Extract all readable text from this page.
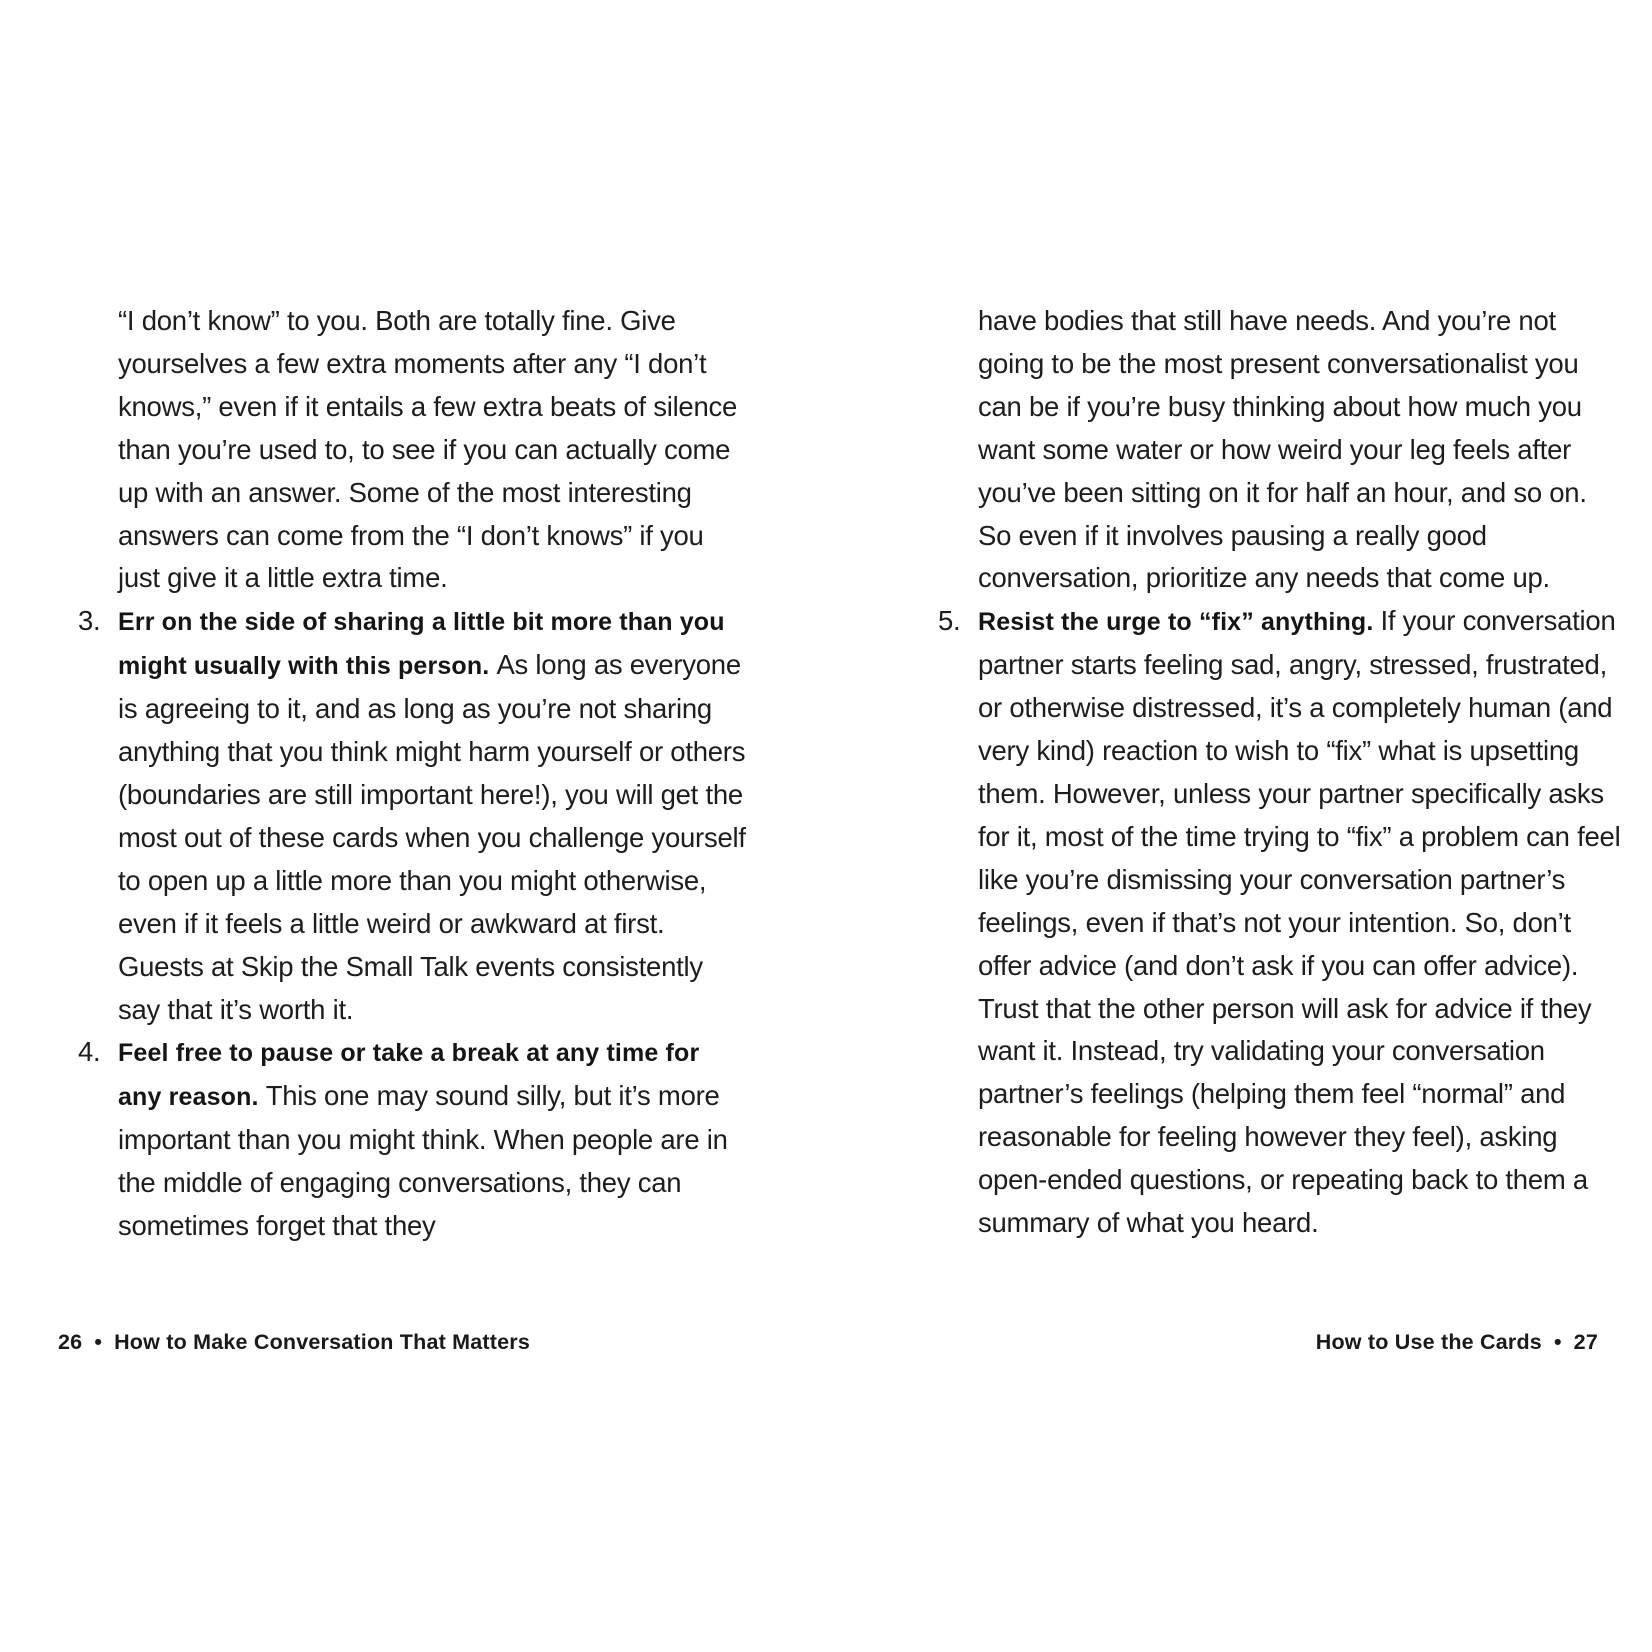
“I don’t know” to you. Both are totally fine. Give yourselves a few extra moments after any “I don’t knows,” even if it entails a few extra beats of silence than you’re used to, to see if you can actually come up with an answer. Some of the most interesting answers can come from the “I don’t knows” if you just give it a little extra time.

3. Err on the side of sharing a little bit more than you might usually with this person. As long as everyone is agreeing to it, and as long as you’re not sharing anything that you think might harm yourself or others (boundaries are still important here!), you will get the most out of these cards when you challenge yourself to open up a little more than you might otherwise, even if it feels a little weird or awkward at first. Guests at Skip the Small Talk events consistently say that it’s worth it.
4. Feel free to pause or take a break at any time for any reason. This one may sound silly, but it’s more important than you might think. When people are in the middle of engaging conversations, they can sometimes forget that they
26 • How to Make Conversation That Matters

have bodies that still have needs. And you’re not going to be the most present conversationalist you can be if you’re busy thinking about how much you want some water or how weird your leg feels after you’ve been sitting on it for half an hour, and so on. So even if it involves pausing a really good conversation, prioritize any needs that come up.

5. Resist the urge to “fix” anything. If your conversation partner starts feeling sad, angry, stressed, frustrated, or otherwise distressed, it’s a completely human (and very kind) reaction to wish to “fix” what is upsetting them. However, unless your partner specifically asks for it, most of the time trying to “fix” a problem can feel like you’re dismissing your conversation partner’s feelings, even if that’s not your intention. So, don’t offer advice (and don’t ask if you can offer advice). Trust that the other person will ask for advice if they want it. Instead, try validating your conversation partner’s feelings (helping them feel “normal” and reasonable for feeling however they feel), asking open-ended questions, or repeating back to them a summary of what you heard.
How to Use the Cards • 27
